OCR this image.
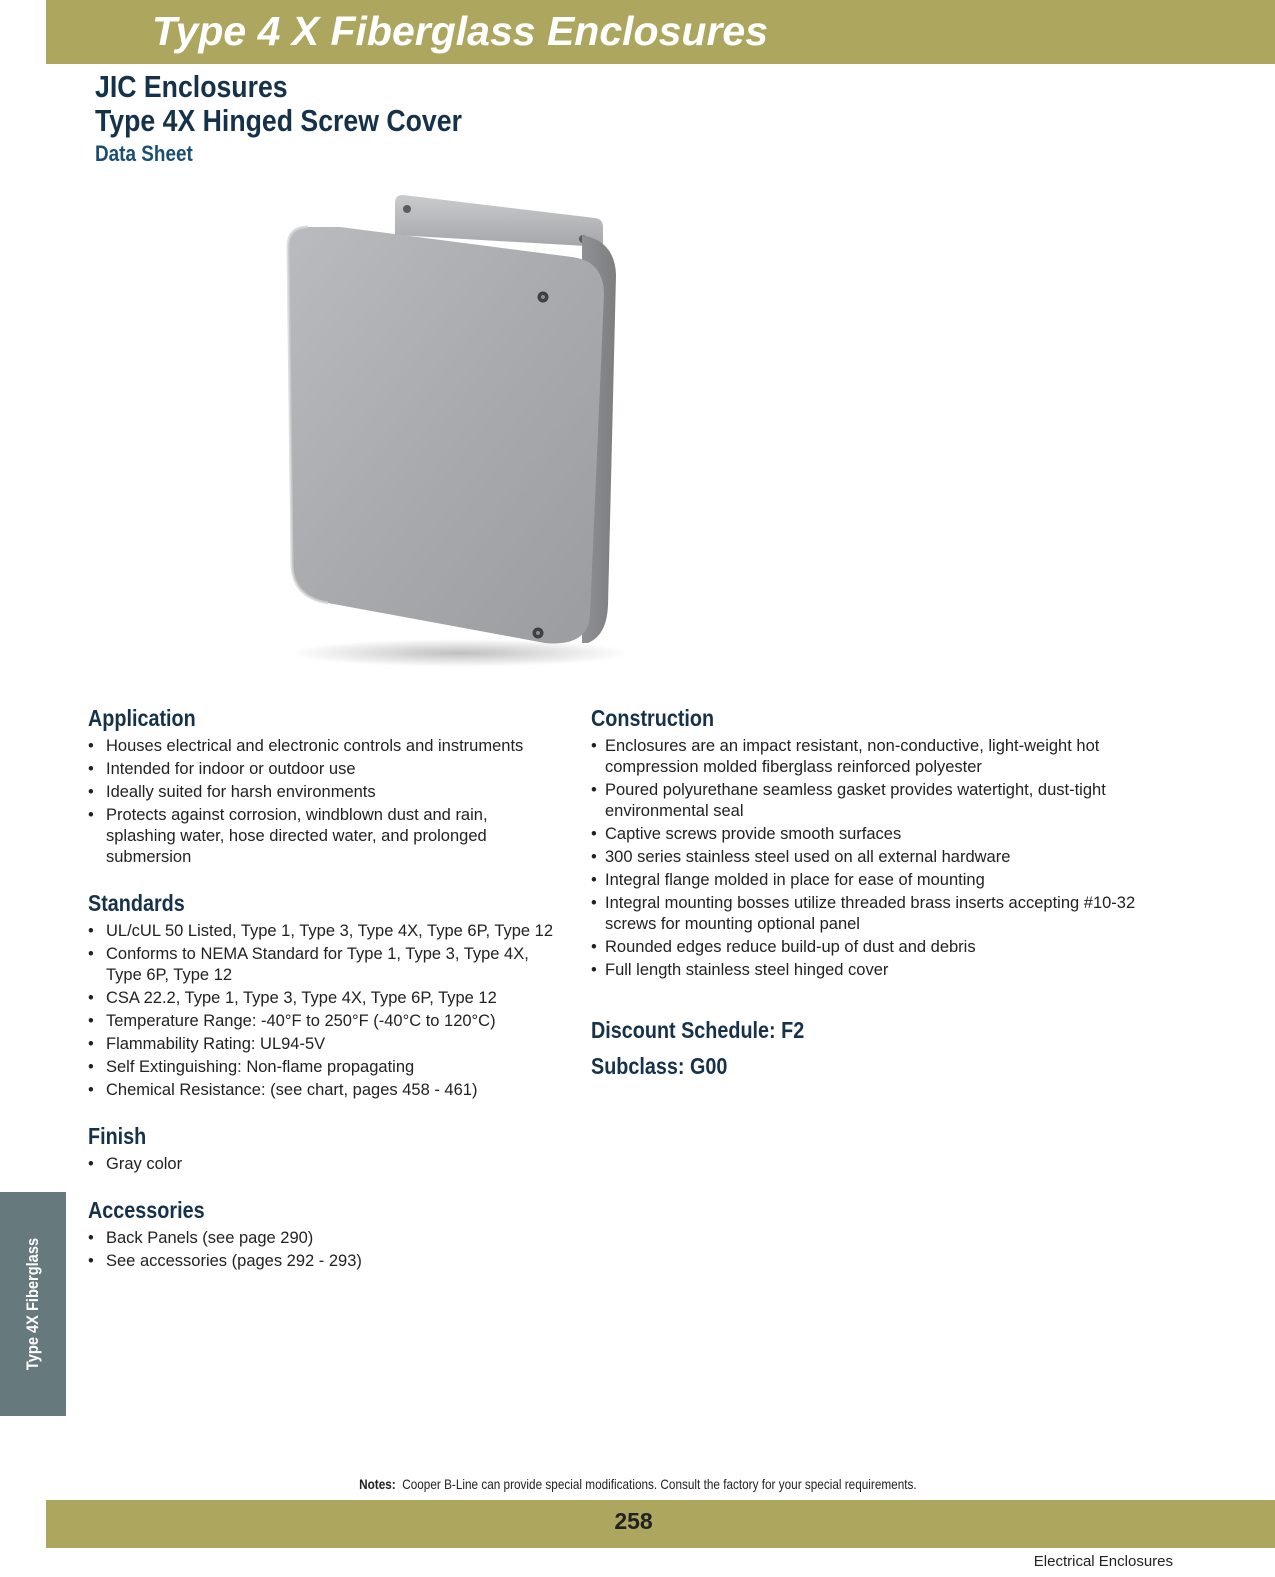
Type 4 X Fiberglass Enclosures
JIC Enclosures
Type 4X Hinged Screw Cover
Data Sheet
Application
• Houses electrical and electronic controls and instruments
• Intended for indoor or outdoor use
• Ideally suited for harsh environments
• Protects against corrosion, windblown dust and rain, splashing water, hose directed water, and prolonged submersion
Standards
• UL/cUL 50 Listed, Type 1, Type 3, Type 4X, Type 6P, Type 12
• Conforms to NEMA Standard for Type 1, Type 3, Type 4X, Type 6P, Type 12
• CSA 22.2, Type 1, Type 3, Type 4X, Type 6P, Type 12
• Temperature Range: -40°F to 250°F (-40°C to 120°C)
• Flammability Rating: UL94-5V
• Self Extinguishing: Non-flame propagating
• Chemical Resistance: (see chart, pages 458 - 461)
Finish
• Gray color
Accessories
• Back Panels (see page 290)
• See accessories (pages 292 - 293)
Construction
• Enclosures are an impact resistant, non-conductive, light-weight hot compression molded fiberglass reinforced polyester
• Poured polyurethane seamless gasket provides watertight, dust-tight environmental seal
• Captive screws provide smooth surfaces
• 300 series stainless steel used on all external hardware
• Integral flange molded in place for ease of mounting
• Integral mounting bosses utilize threaded brass inserts accepting #10-32 screws for mounting optional panel
• Rounded edges reduce build-up of dust and debris
• Full length stainless steel hinged cover
Discount Schedule: F2
Subclass: G00
Type 4X Fiberglass
Notes: Cooper B-Line can provide special modifications. Consult the factory for your special requirements.
258
Electrical Enclosures
